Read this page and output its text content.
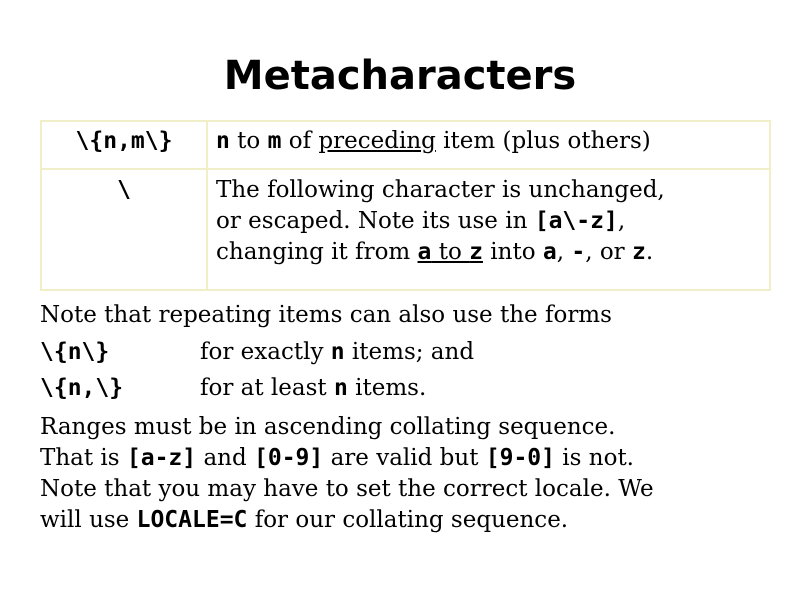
Metacharacters
\{n,m\}	n to m of preceding item (plus others)
\	The following character is unchanged,
or escaped. Note its use in [a\-z],
changing it from a to z into a, -, or z.
Note that repeating items can also use the forms
\{n\}	for exactly n items; and
\{n,\}	for at least n items.
Ranges must be in ascending collating sequence.
That is [a-z] and [0-9] are valid but [9-0] is not.
Note that you may have to set the correct locale. We
will use LOCALE=C for our collating sequence.
